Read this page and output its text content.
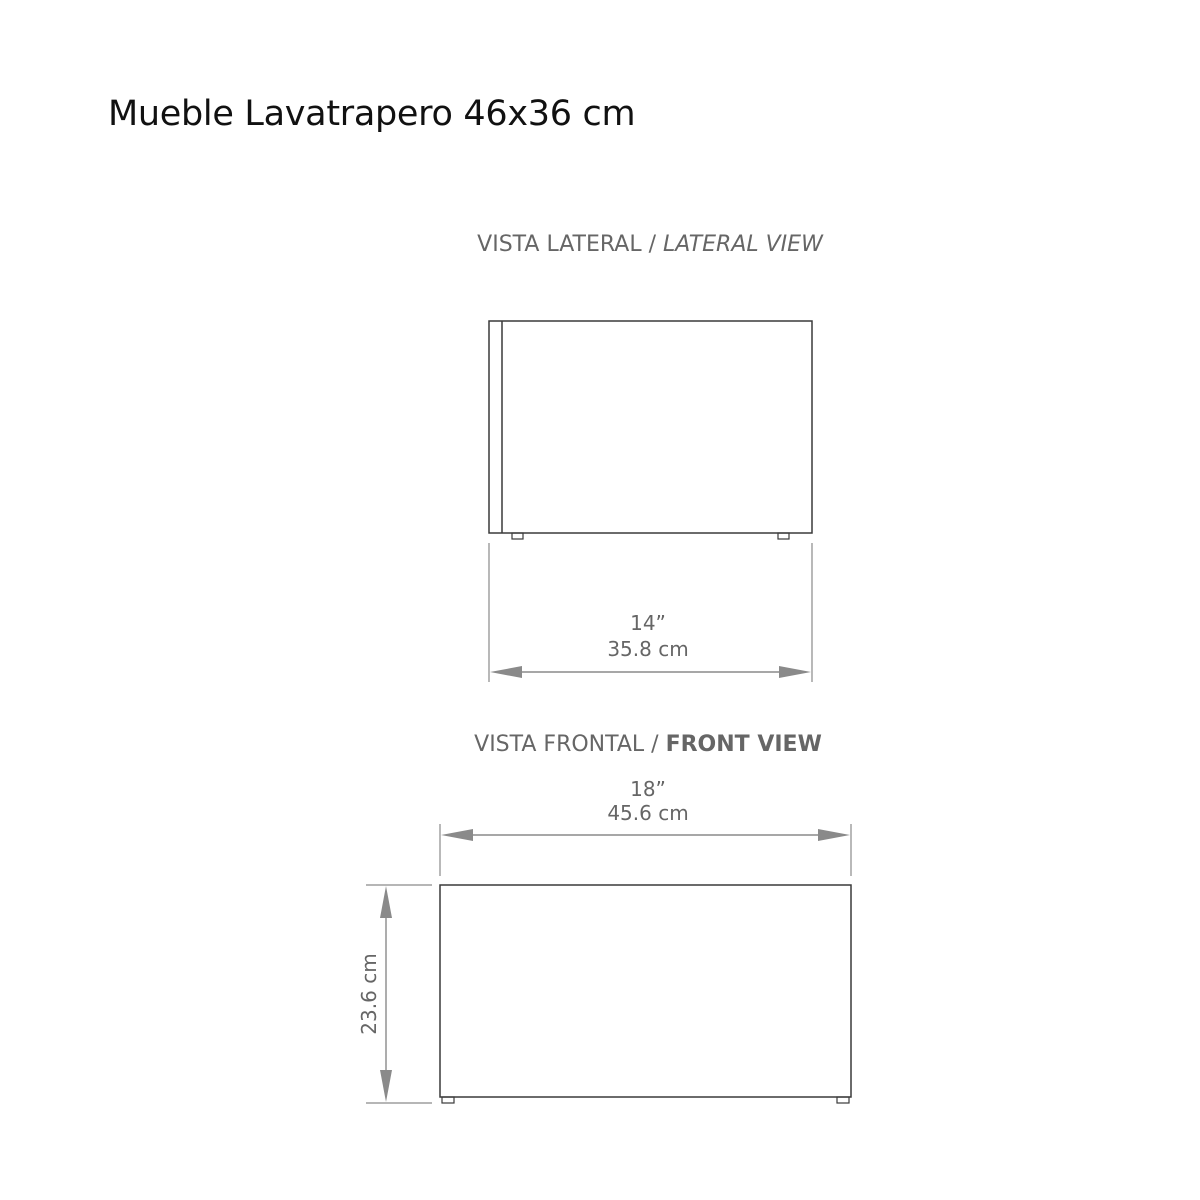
Mueble Lavatrapero 46x36 cm
VISTA LATERAL / LATERAL VIEW
14”
35.8 cm
VISTA FRONTAL / FRONT VIEW
18”
45.6 cm
23.6 cm
